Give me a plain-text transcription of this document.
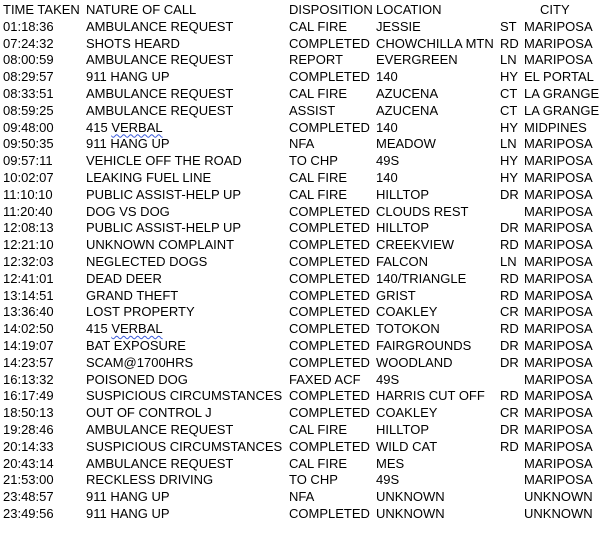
TIME TAKEN NATURE OF CALL	DISPOSITION LOCATION	CITY
01:18:36 AMBULANCE REQUEST	CAL FIRE JESSIE	ST MARIPOSA
07:24:32 SHOTS HEARD	COMPLETED CHOWCHILLA MTN RD MARIPOSA
08:00:59 AMBULANCE REQUEST	REPORT	EVERGREEN	LN MARIPOSA
08:29:57 911 HANG UP	COMPLETED 140	HY EL PORTAL
08:33:51 AMBULANCE REQUEST	CAL FIRE AZUCENA	CT LA GRANGE
08:59:25 AMBULANCE REQUEST	ASSIST	AZUCENA	CT LA GRANGE
09:48:00 415 VERBAL	COMPLETED 140	HY MIDPINES
09:50:35 911 HANG UP	NFA	MEADOW	LN MARIPOSA
09:57:11	VEHICLE OFF THE ROAD	TO CHP	49S	HY MARIPOSA
10:02:07 LEAKING FUEL LINE	CAL FIRE 140	HY MARIPOSA
11:10:10	PUBLIC ASSIST-HELP UP	CAL FIRE HILLTOP	DR MARIPOSA
11:20:40	DOG VS DOG	COMPLETED CLOUDS REST	MARIPOSA
12:08:13 PUBLIC ASSIST-HELP UP	COMPLETED HILLTOP	DR MARIPOSA
12:21:10 UNKNOWN COMPLAINT	COMPLETED CREEKVIEW	RD MARIPOSA
12:32:03 NEGLECTED DOGS	COMPLETED FALCON	LN MARIPOSA
12:41:01 DEAD DEER	COMPLETED 140/TRIANGLE	RD MARIPOSA
13:14:51 GRAND THEFT	COMPLETED GRIST	RD MARIPOSA
13:36:40 LOST PROPERTY	COMPLETED COAKLEY	CR MARIPOSA
14:02:50 415 VERBAL	COMPLETED TOTOKON	RD MARIPOSA
14:19:07 BAT EXPOSURE	COMPLETED FAIRGROUNDS DR MARIPOSA
14:23:57 SCAM@1700HRS	COMPLETED WOODLAND	DR MARIPOSA
16:13:32 POISONED DOG	FAXED ACF 49S	MARIPOSA
16:17:49 SUSPICIOUS CIRCUMSTANCES COMPLETED HARRIS CUT OFF RD MARIPOSA
18:50:13 OUT OF CONTROL J	COMPLETED COAKLEY	CR MARIPOSA
19:28:46 AMBULANCE REQUEST	CAL FIRE HILLTOP	DR MARIPOSA
20:14:33 SUSPICIOUS CIRCUMSTANCES COMPLETED WILD CAT	RD MARIPOSA
20:43:14 AMBULANCE REQUEST	CAL FIRE MES	MARIPOSA
21:53:00 RECKLESS DRIVING	TO CHP	49S	MARIPOSA
23:48:57 911 HANG UP	NFA	UNKNOWN	UNKNOWN
23:49:56 911 HANG UP	COMPLETED UNKNOWN	UNKNOWN
